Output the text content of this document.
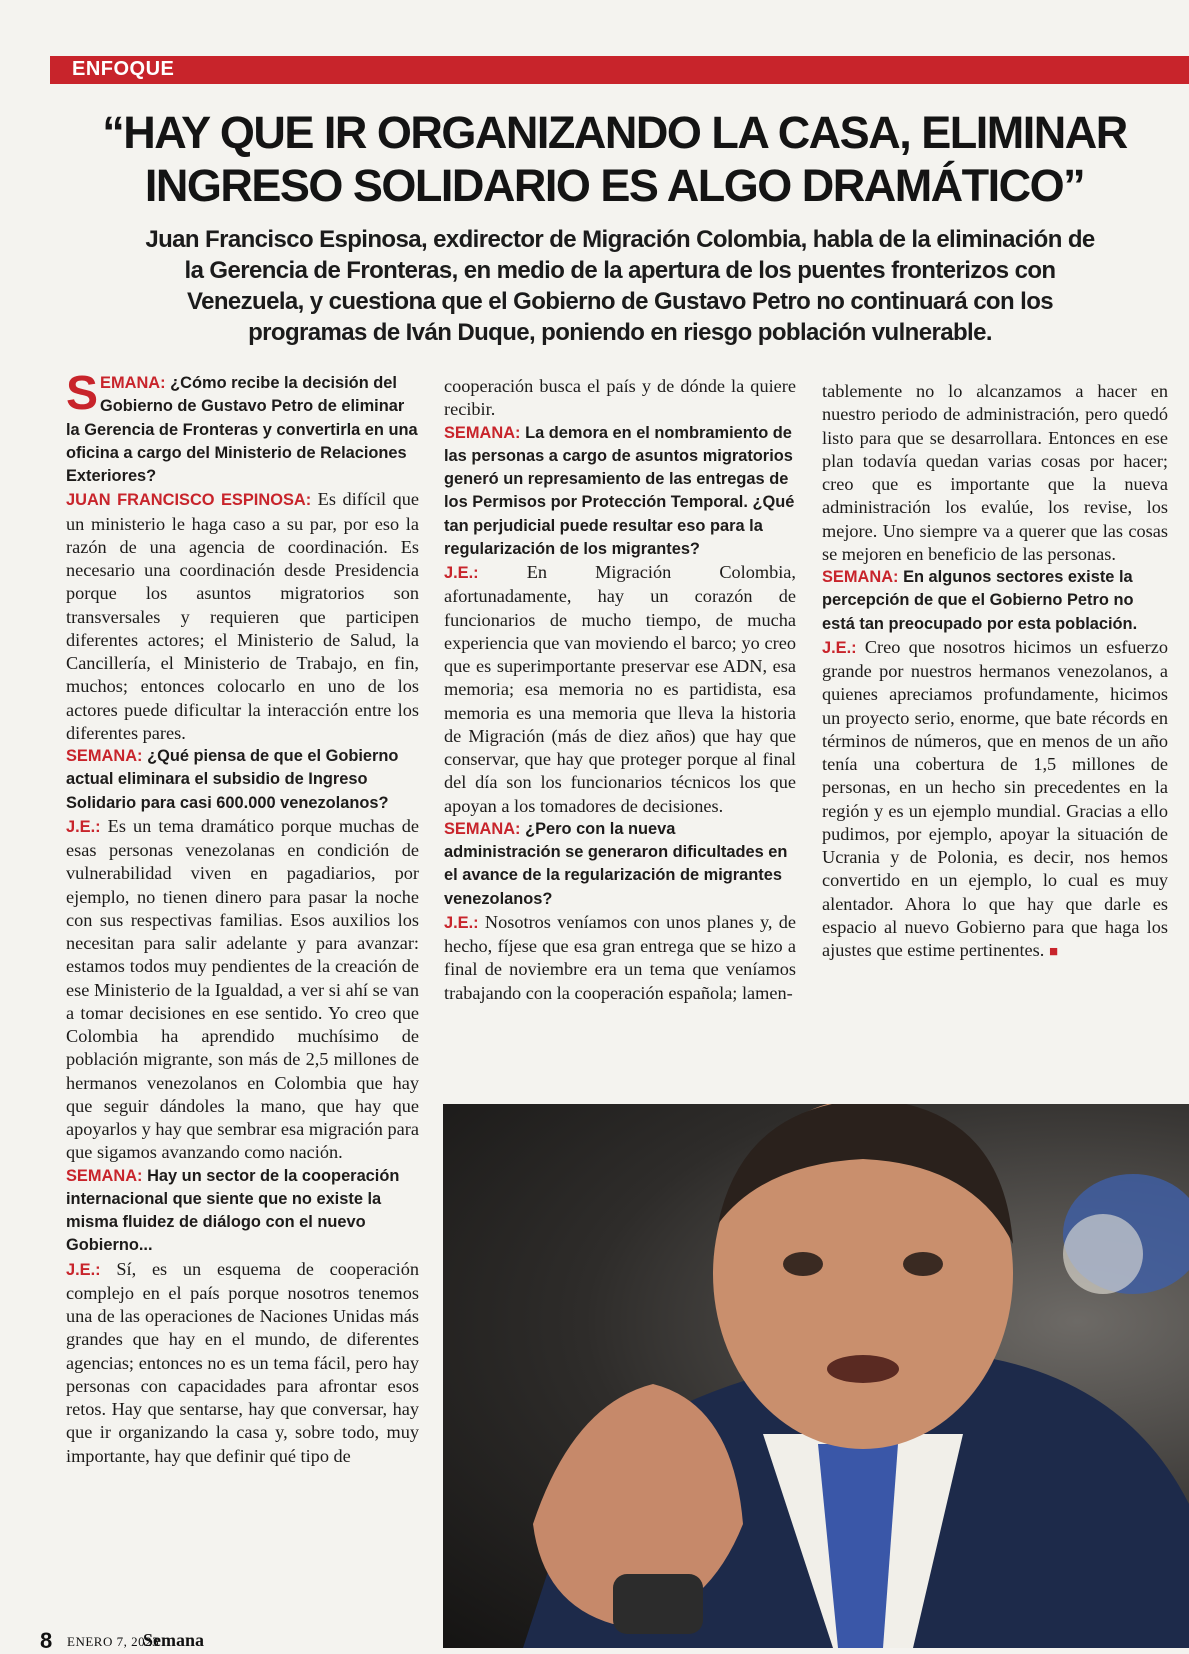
ENFOQUE
“HAY QUE IR ORGANIZANDO LA CASA, ELIMINAR INGRESO SOLIDARIO ES ALGO DRAMÁTICO”

Juan Francisco Espinosa, exdirector de Migración Colombia, habla de la eliminación de la Gerencia de Fronteras, en medio de la apertura de los puentes fronterizos con Venezuela, y cuestiona que el Gobierno de Gustavo Petro no continuará con los programas de Iván Duque, poniendo en riesgo población vulnerable.

SEMANA: ¿Cómo recibe la decisión del Gobierno de Gustavo Petro de eliminar la Gerencia de Fronteras y convertirla en una oficina a cargo del Ministerio de Relaciones Exteriores?

JUAN FRANCISCO ESPINOSA: Es difícil que un ministerio le haga caso a su par, por eso la razón de una agencia de coordinación. Es necesario una coordinación desde Presidencia porque los asuntos migratorios son transversales y requieren que participen diferentes actores; el Ministerio de Salud, la Cancillería, el Ministerio de Trabajo, en fin, muchos; entonces colocarlo en uno de los actores puede dificultar la interacción entre los diferentes pares.

SEMANA: ¿Qué piensa de que el Gobierno actual eliminara el subsidio de Ingreso Solidario para casi 600.000 venezolanos?

J.E.: Es un tema dramático porque muchas de esas personas venezolanas en condición de vulnerabilidad viven en pagadiarios, por ejemplo, no tienen dinero para pasar la noche con sus respectivas familias. Esos auxilios los necesitan para salir adelante y para avanzar: estamos todos muy pendientes de la creación de ese Ministerio de la Igualdad, a ver si ahí se van a tomar decisiones en ese sentido. Yo creo que Colombia ha aprendido muchísimo de población migrante, son más de 2,5 millones de hermanos venezolanos en Colombia que hay que seguir dándoles la mano, que hay que apoyarlos y hay que sembrar esa migración para que sigamos avanzando como nación.

SEMANA: Hay un sector de la cooperación internacional que siente que no existe la misma fluidez de diálogo con el nuevo Gobierno...

J.E.: Sí, es un esquema de cooperación complejo en el país porque nosotros tenemos una de las operaciones de Naciones Unidas más grandes que hay en el mundo, de diferentes agencias; entonces no es un tema fácil, pero hay personas con capacidades para afrontar esos retos. Hay que sentarse, hay que conversar, hay que ir organizando la casa y, sobre todo, muy importante, hay que definir qué tipo de

cooperación busca el país y de dónde la quiere recibir.

SEMANA: La demora en el nombramiento de las personas a cargo de asuntos migratorios generó un represamiento de las entregas de los Permisos por Protección Temporal. ¿Qué tan perjudicial puede resultar eso para la regularización de los migrantes?

J.E.:	En Migración Colombia, afortunadamente, hay un corazón de funcionarios de mucho tiempo, de mucha experiencia que van moviendo el barco; yo creo que es superimportante preservar ese ADN, esa memoria; esa memoria no es partidista, esa memoria es una memoria que lleva la historia de Migración (más de diez años) que hay que conservar, que hay que proteger porque al final del día son los funcionarios técnicos los que apoyan a los tomadores de decisiones.

SEMANA: ¿Pero con la nueva administración se generaron dificultades en el avance de la regularización de migrantes venezolanos?

J.E.: Nosotros veníamos con unos planes y, de hecho, fíjese que esa gran entrega que se hizo a final de noviembre era un tema que veníamos trabajando con la cooperación española; lamen-

tablemente no lo alcanzamos a hacer en nuestro periodo de administración, pero quedó listo para que se desarrollara. Entonces en ese plan todavía quedan varias cosas por hacer; creo que es importante que la nueva administración los evalúe, los revise, los mejore. Uno siempre va a querer que las cosas se mejoren en beneficio de las personas.

SEMANA: En algunos sectores existe la percepción de que el Gobierno Petro no está tan preocupado por esta población.

J.E.: Creo que nosotros hicimos un esfuerzo grande por nuestros hermanos venezolanos, a quienes apreciamos profundamente, hicimos un proyecto serio, enorme, que bate récords en términos de números, que en menos de un año tenía una cobertura de 1,5 millones de personas, en un hecho sin precedentes en la región y es un ejemplo mundial. Gracias a ello pudimos, por ejemplo, apoyar la situación de Ucrania y de Polonia, es decir, nos hemos convertido en un ejemplo, lo cual es muy alentador. Ahora lo que hay que darle es espacio al nuevo Gobierno para que haga los ajustes que estime pertinentes. ■

8 ENERO 7, 2023
Semana
